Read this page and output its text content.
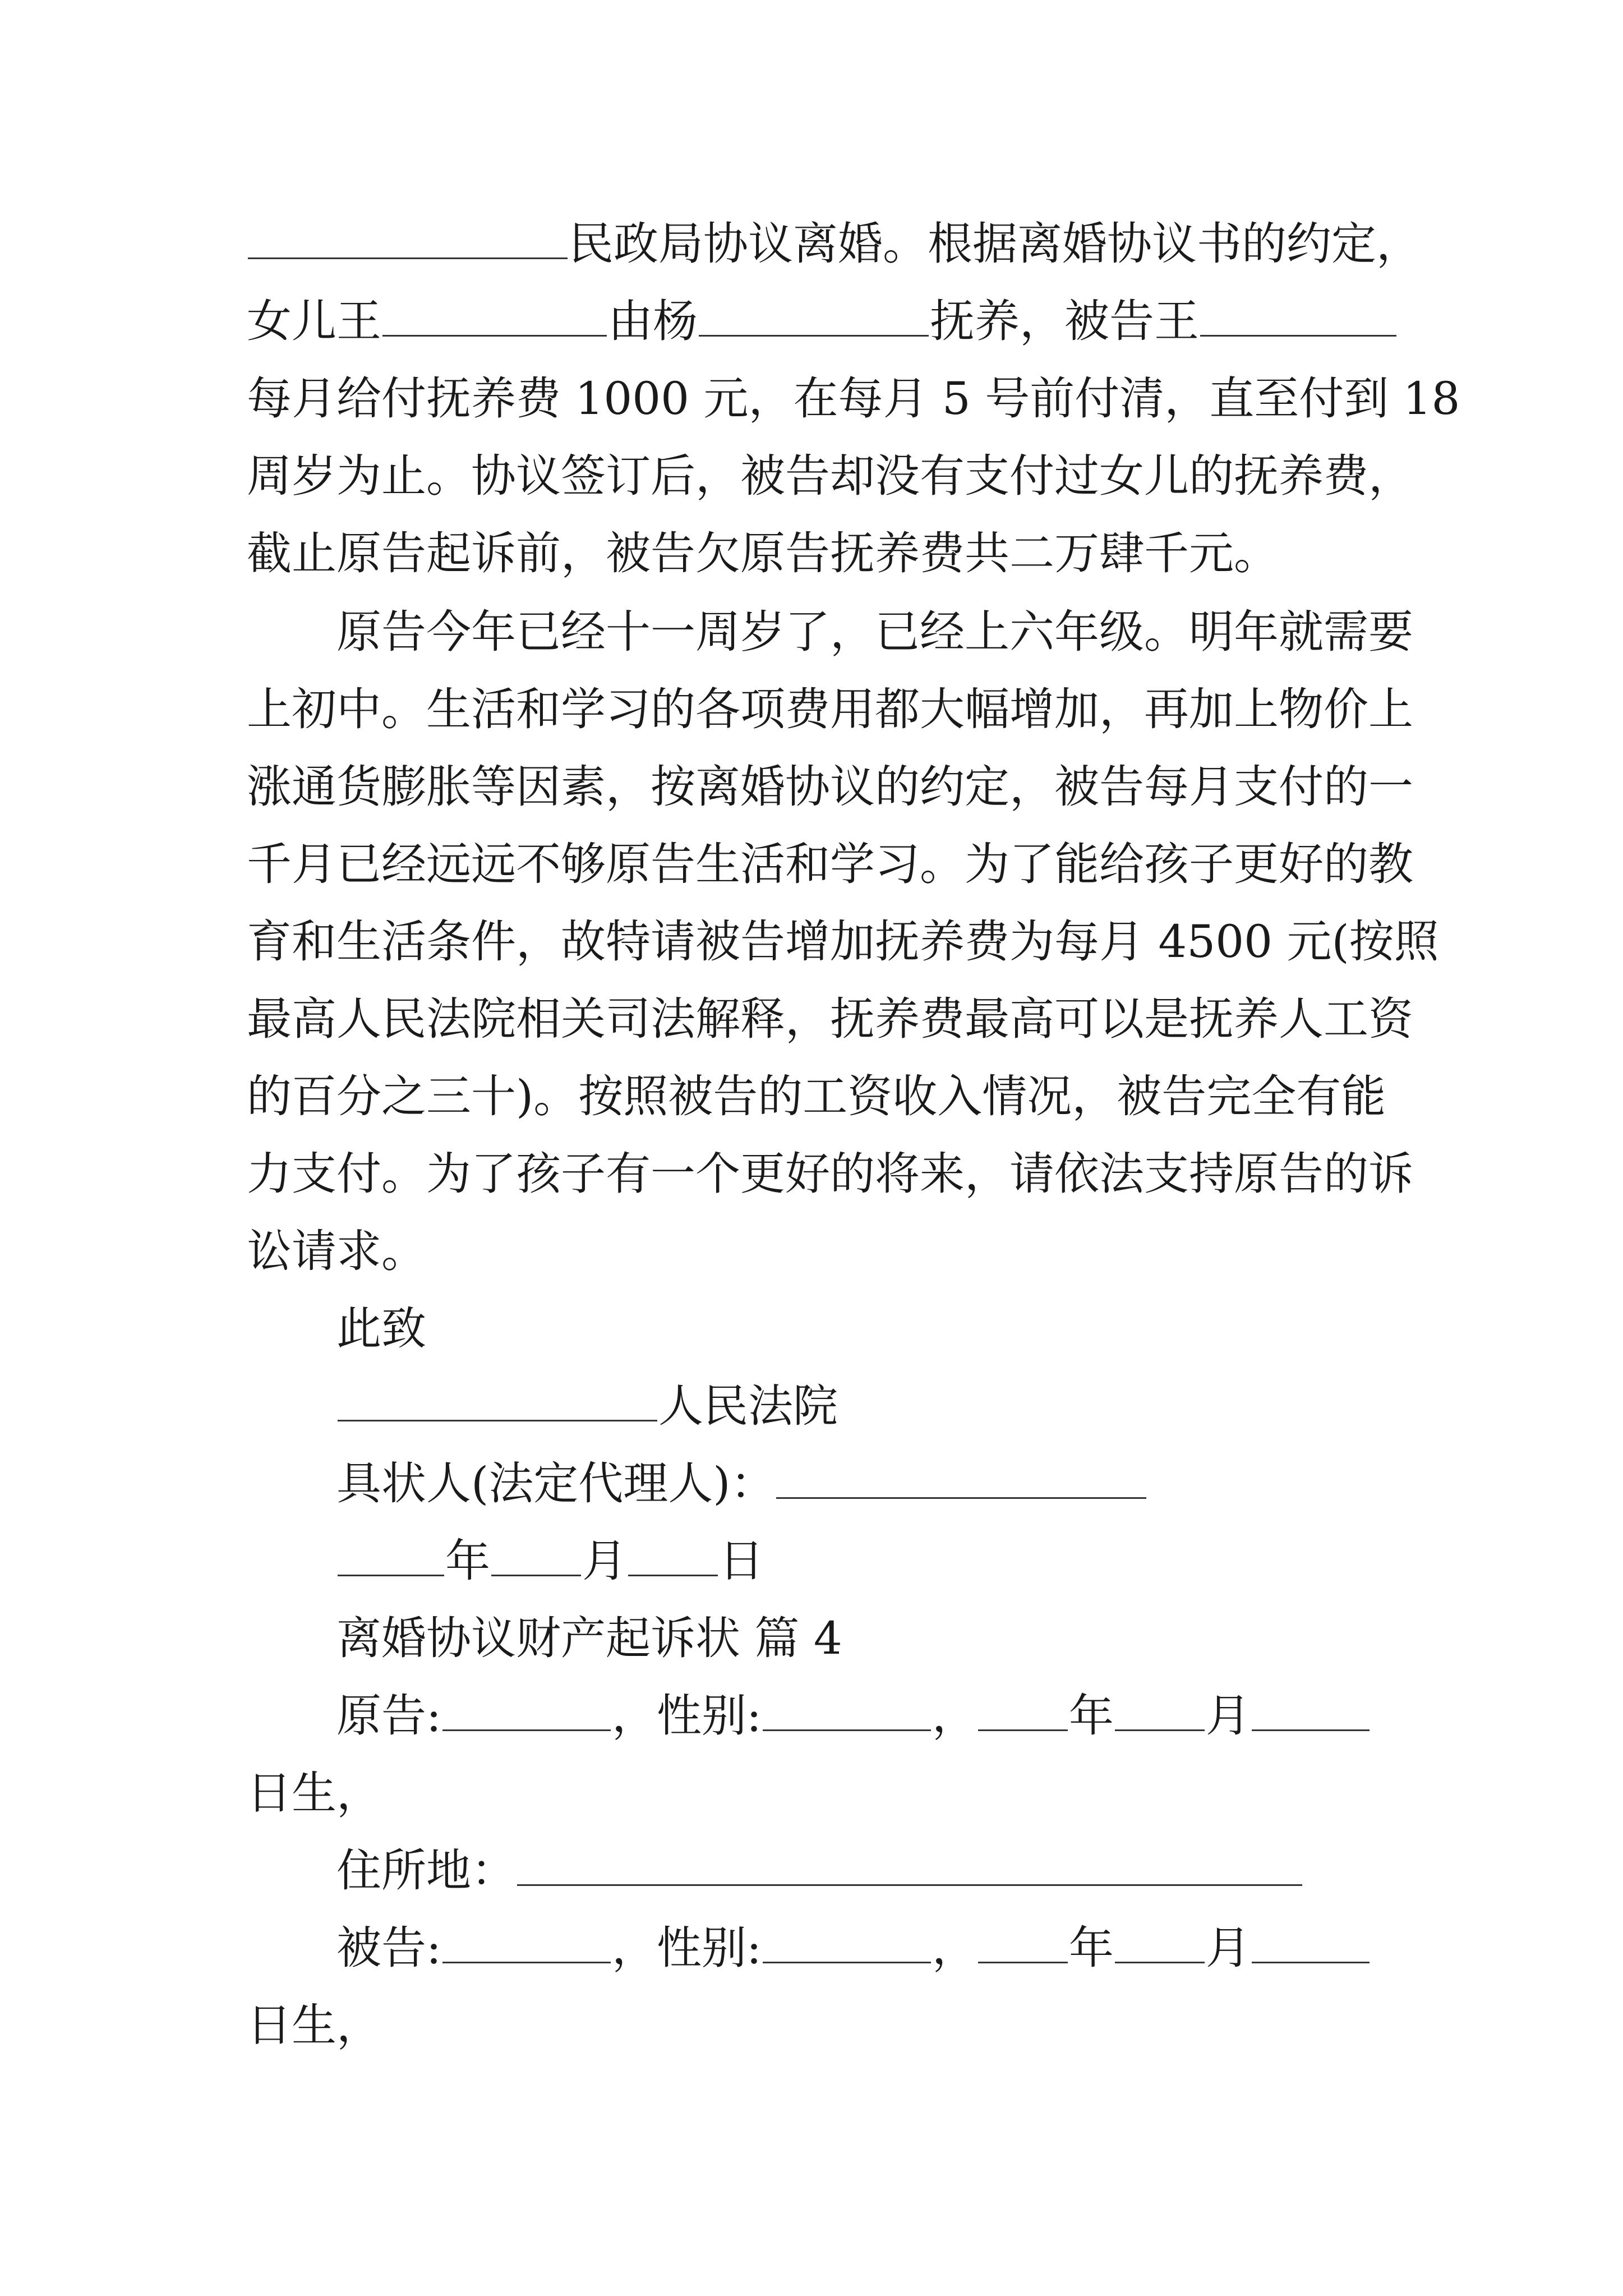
民政局协议离婚。根据离婚协议书的约定，
女儿王	由杨	抚养，被告王
每月给付抚养费 1000 元，在每月 5 号前付清，直至付到 18
周岁为止。协议签订后，被告却没有支付过女儿的抚养费，
截止原告起诉前，被告欠原告抚养费共二万肆千元。
原告今年已经十一周岁了，已经上六年级。明年就需要
上初中。生活和学习的各项费用都大幅增加，再加上物价上
涨通货膨胀等因素，按离婚协议的约定，被告每月支付的一
千月已经远远不够原告生活和学习。为了能给孩子更好的教
育和生活条件，故特请被告增加抚养费为每月 4500 元(按照
最高人民法院相关司法解释，抚养费最高可以是抚养人工资
的百分之三十)。按照被告的工资收入情况，被告完全有能
力支付。为了孩子有一个更好的将来，请依法支持原告的诉
讼请求。
此致
人民法院
具状人(法定代理人)：
年 月 日
离婚协议财产起诉状 篇 4
原告:	，性别:	， 年 月
日生，
住所地：
被告:	，性别:	， 年 月
日生，
